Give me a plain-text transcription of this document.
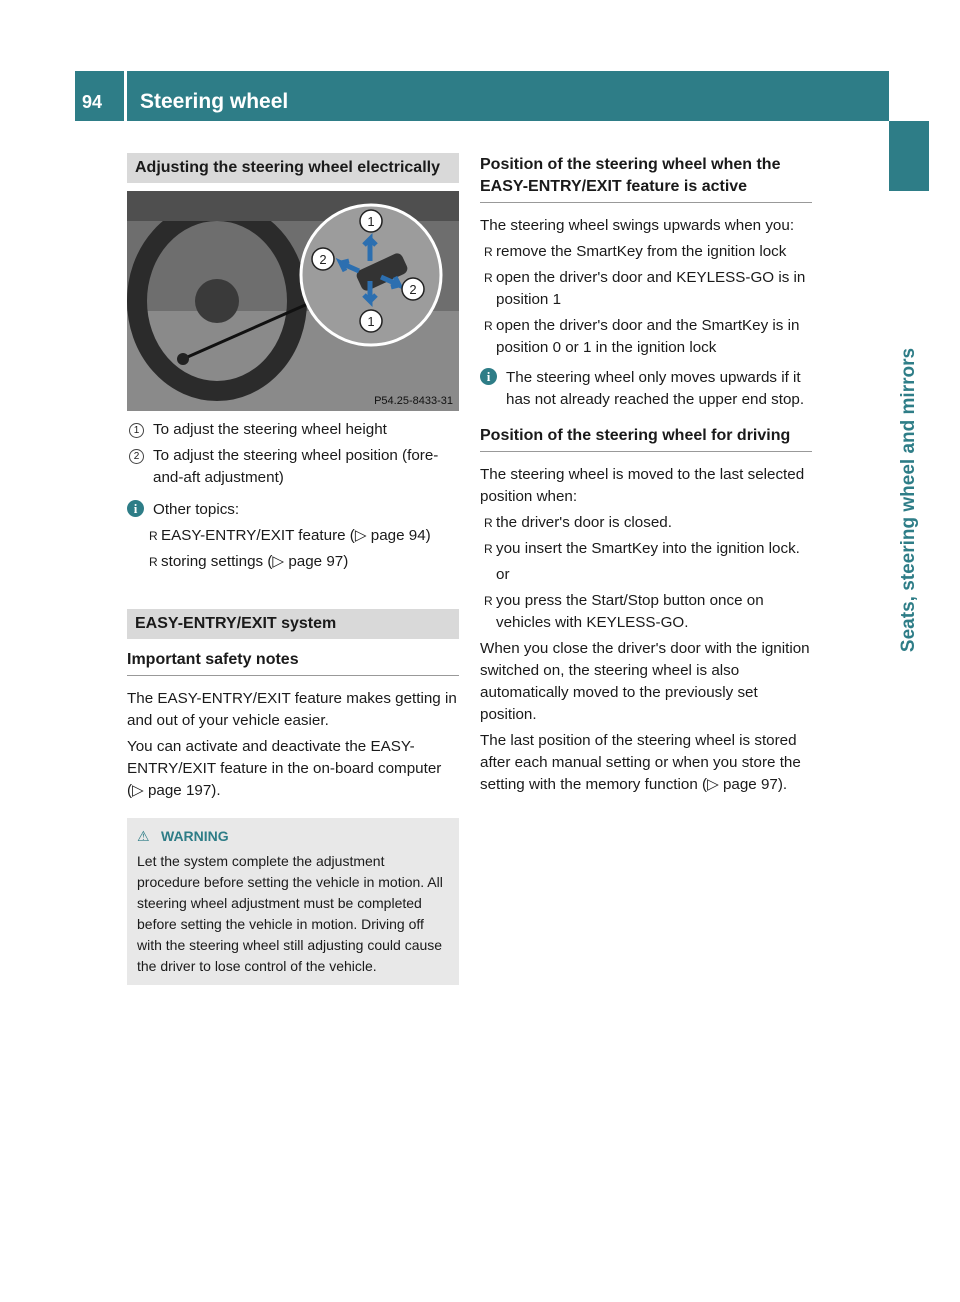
94 Steering wheel
Seats, steering wheel and mirrors
Adjusting the steering wheel electrically
1
2
2
1
P54.25-8433-31
1 To adjust the steering wheel height
2 To adjust the steering wheel position (fore-and-aft adjustment)
i	Other topics:
R EASY-ENTRY/EXIT feature (▷ page 94)
R storing settings (▷ page 97)
EASY-ENTRY/EXIT system
Important safety notes

The EASY-ENTRY/EXIT feature makes getting in and out of your vehicle easier.

You can activate and deactivate the EASY-ENTRY/EXIT feature in the on-board computer (▷ page 197).

⚠ WARNING
Let the system complete the adjustment procedure before setting the vehicle in motion. All steering wheel adjustment must be completed before setting the vehicle in motion. Driving off with the steering wheel still adjusting could cause the driver to lose control of the vehicle.
Position of the steering wheel when the EASY-ENTRY/EXIT feature is active

The steering wheel swings upwards when you:

R remove the SmartKey from the ignition lock
R open the driver's door and KEYLESS-GO is in position 1
R open the driver's door and the SmartKey is in position 0 or 1 in the ignition lock
i	The steering wheel only moves upwards if it has not already reached the upper end stop.
Position of the steering wheel for driving

The steering wheel is moved to the last selected position when:

R the driver's door is closed.
R you insert the SmartKey into the ignition lock.
or
R you press the Start/Stop button once on vehicles with KEYLESS-GO.

When you close the driver's door with the ignition switched on, the steering wheel is also automatically moved to the previously set position.

The last position of the steering wheel is stored after each manual setting or when you store the setting with the memory function (▷ page 97).
